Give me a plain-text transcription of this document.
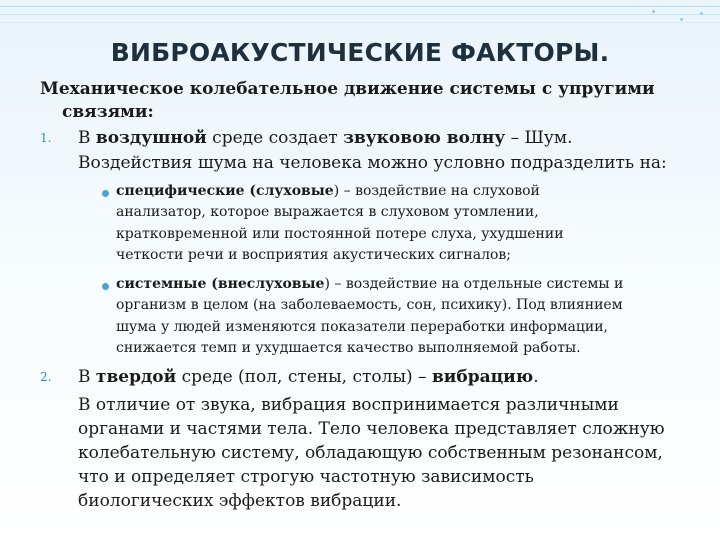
ВИБРОАКУСТИЧЕСКИЕ ФАКТОРЫ.
Механическое колебательное движение системы с упругими
связями:
1. В воздушной среде создает звуковою волну – Шум.
Воздействия шума на человека можно условно подразделить на:
специфические (слуховые) – воздействие на слуховой
анализатор, которое выражается в слуховом утомлении,
кратковременной или постоянной потере слуха, ухудшении
четкости речи и восприятия акустических сигналов;
системные (внеслуховые) – воздействие на отдельные системы и
организм в целом (на заболеваемость, сон, психику). Под влиянием
шума у людей изменяются показатели переработки информации,
снижается темп и ухудшается качество выполняемой работы.
2. В твердой среде (пол, стены, столы) – вибрацию.
В отличие от звука, вибрация воспринимается различными
органами и частями тела. Тело человека представляет сложную
колебательную систему, обладающую собственным резонансом,
что и определяет строгую частотную зависимость
биологических эффектов вибрации.
